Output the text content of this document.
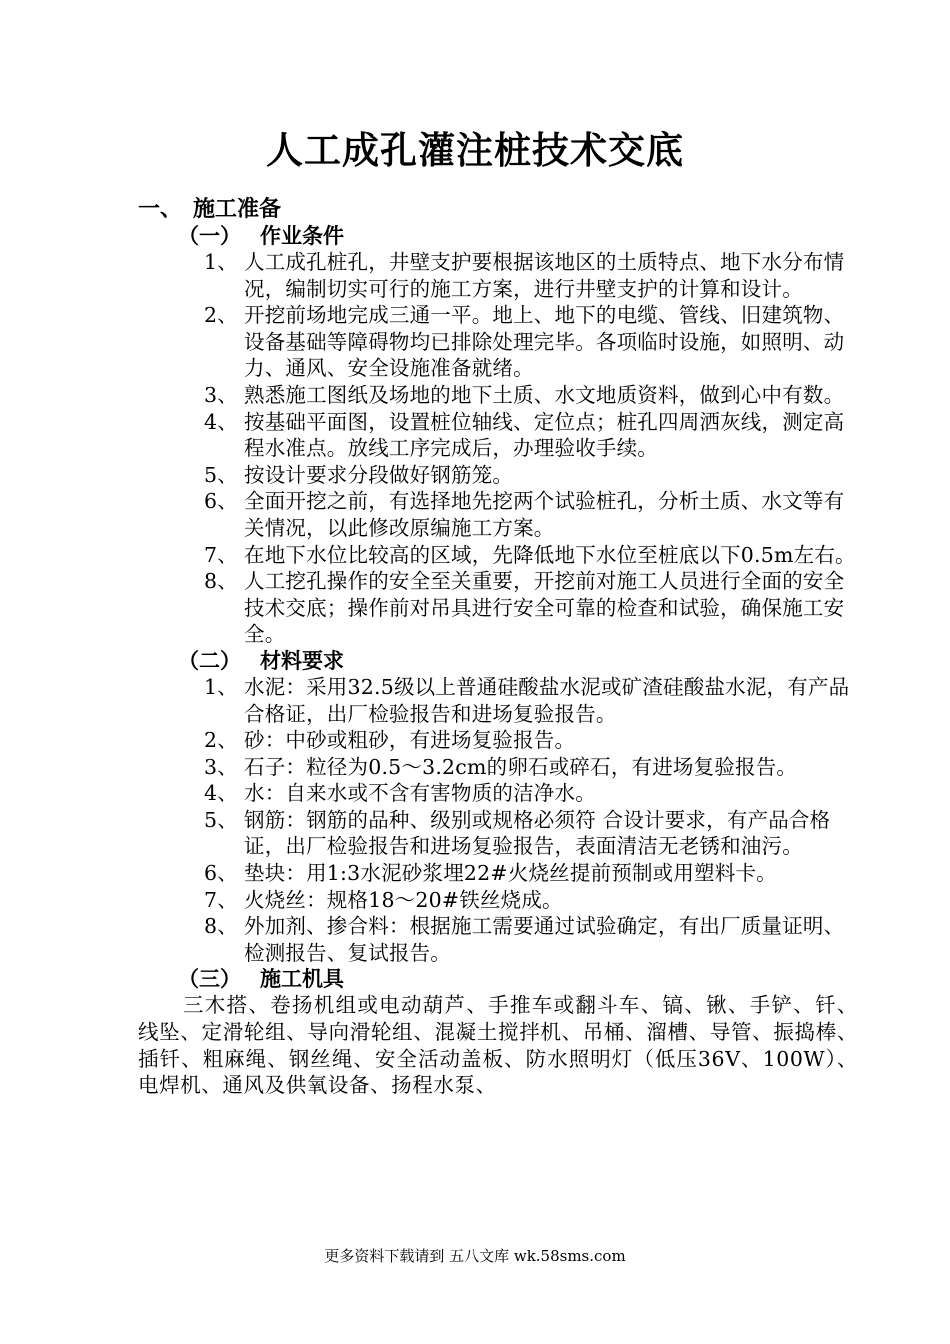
人工成孔灌注桩技术交底
一、 施工准备
（一） 作业条件
1、 人工成孔桩孔，井壁支护要根据该地区的土质特点、地下水分布情况，编制切实可行的施工方案，进行井壁支护的计算和设计。
2、 开挖前场地完成三通一平。地上、地下的电缆、管线、旧建筑物、设备基础等障碍物均已排除处理完毕。各项临时设施，如照明、动力、通风、安全设施准备就绪。
3、 熟悉施工图纸及场地的地下土质、水文地质资料，做到心中有数。
4、 按基础平面图，设置桩位轴线、定位点；桩孔四周洒灰线，测定高程水准点。放线工序完成后，办理验收手续。
5、 按设计要求分段做好钢筋笼。
6、 全面开挖之前，有选择地先挖两个试验桩孔，分析土质、水文等有关情况，以此修改原编施工方案。
7、 在地下水位比较高的区域，先降低地下水位至桩底以下0.5m左右。
8、 人工挖孔操作的安全至关重要，开挖前对施工人员进行全面的安全技术交底；操作前对吊具进行安全可靠的检查和试验，确保施工安全。
（二） 材料要求
1、 水泥：采用32.5级以上普通硅酸盐水泥或矿渣硅酸盐水泥，有产品合格证，出厂检验报告和进场复验报告。
2、 砂：中砂或粗砂，有进场复验报告。
3、 石子：粒径为0.5～3.2cm的卵石或碎石，有进场复验报告。
4、 水：自来水或不含有害物质的洁净水。
5、 钢筋：钢筋的品种、级别或规格必须符 合设计要求，有产品合格证，出厂检验报告和进场复验报告，表面清洁无老锈和油污。
6、 垫块：用1:3水泥砂浆埋22#火烧丝提前预制或用塑料卡。
7、 火烧丝：规格18～20#铁丝烧成。
8、 外加剂、掺合料：根据施工需要通过试验确定，有出厂质量证明、检测报告、复试报告。
（三） 施工机具
三木搭、卷扬机组或电动葫芦、手推车或翻斗车、镐、锹、手铲、钎、线坠、定滑轮组、导向滑轮组、混凝土搅拌机、吊桶、溜槽、导管、振捣棒、插钎、粗麻绳、钢丝绳、安全活动盖板、防水照明灯（低压36V、100W）、电焊机、通风及供氧设备、扬程水泵、
更多资料下载请到 五八文库 wk.58sms.com
